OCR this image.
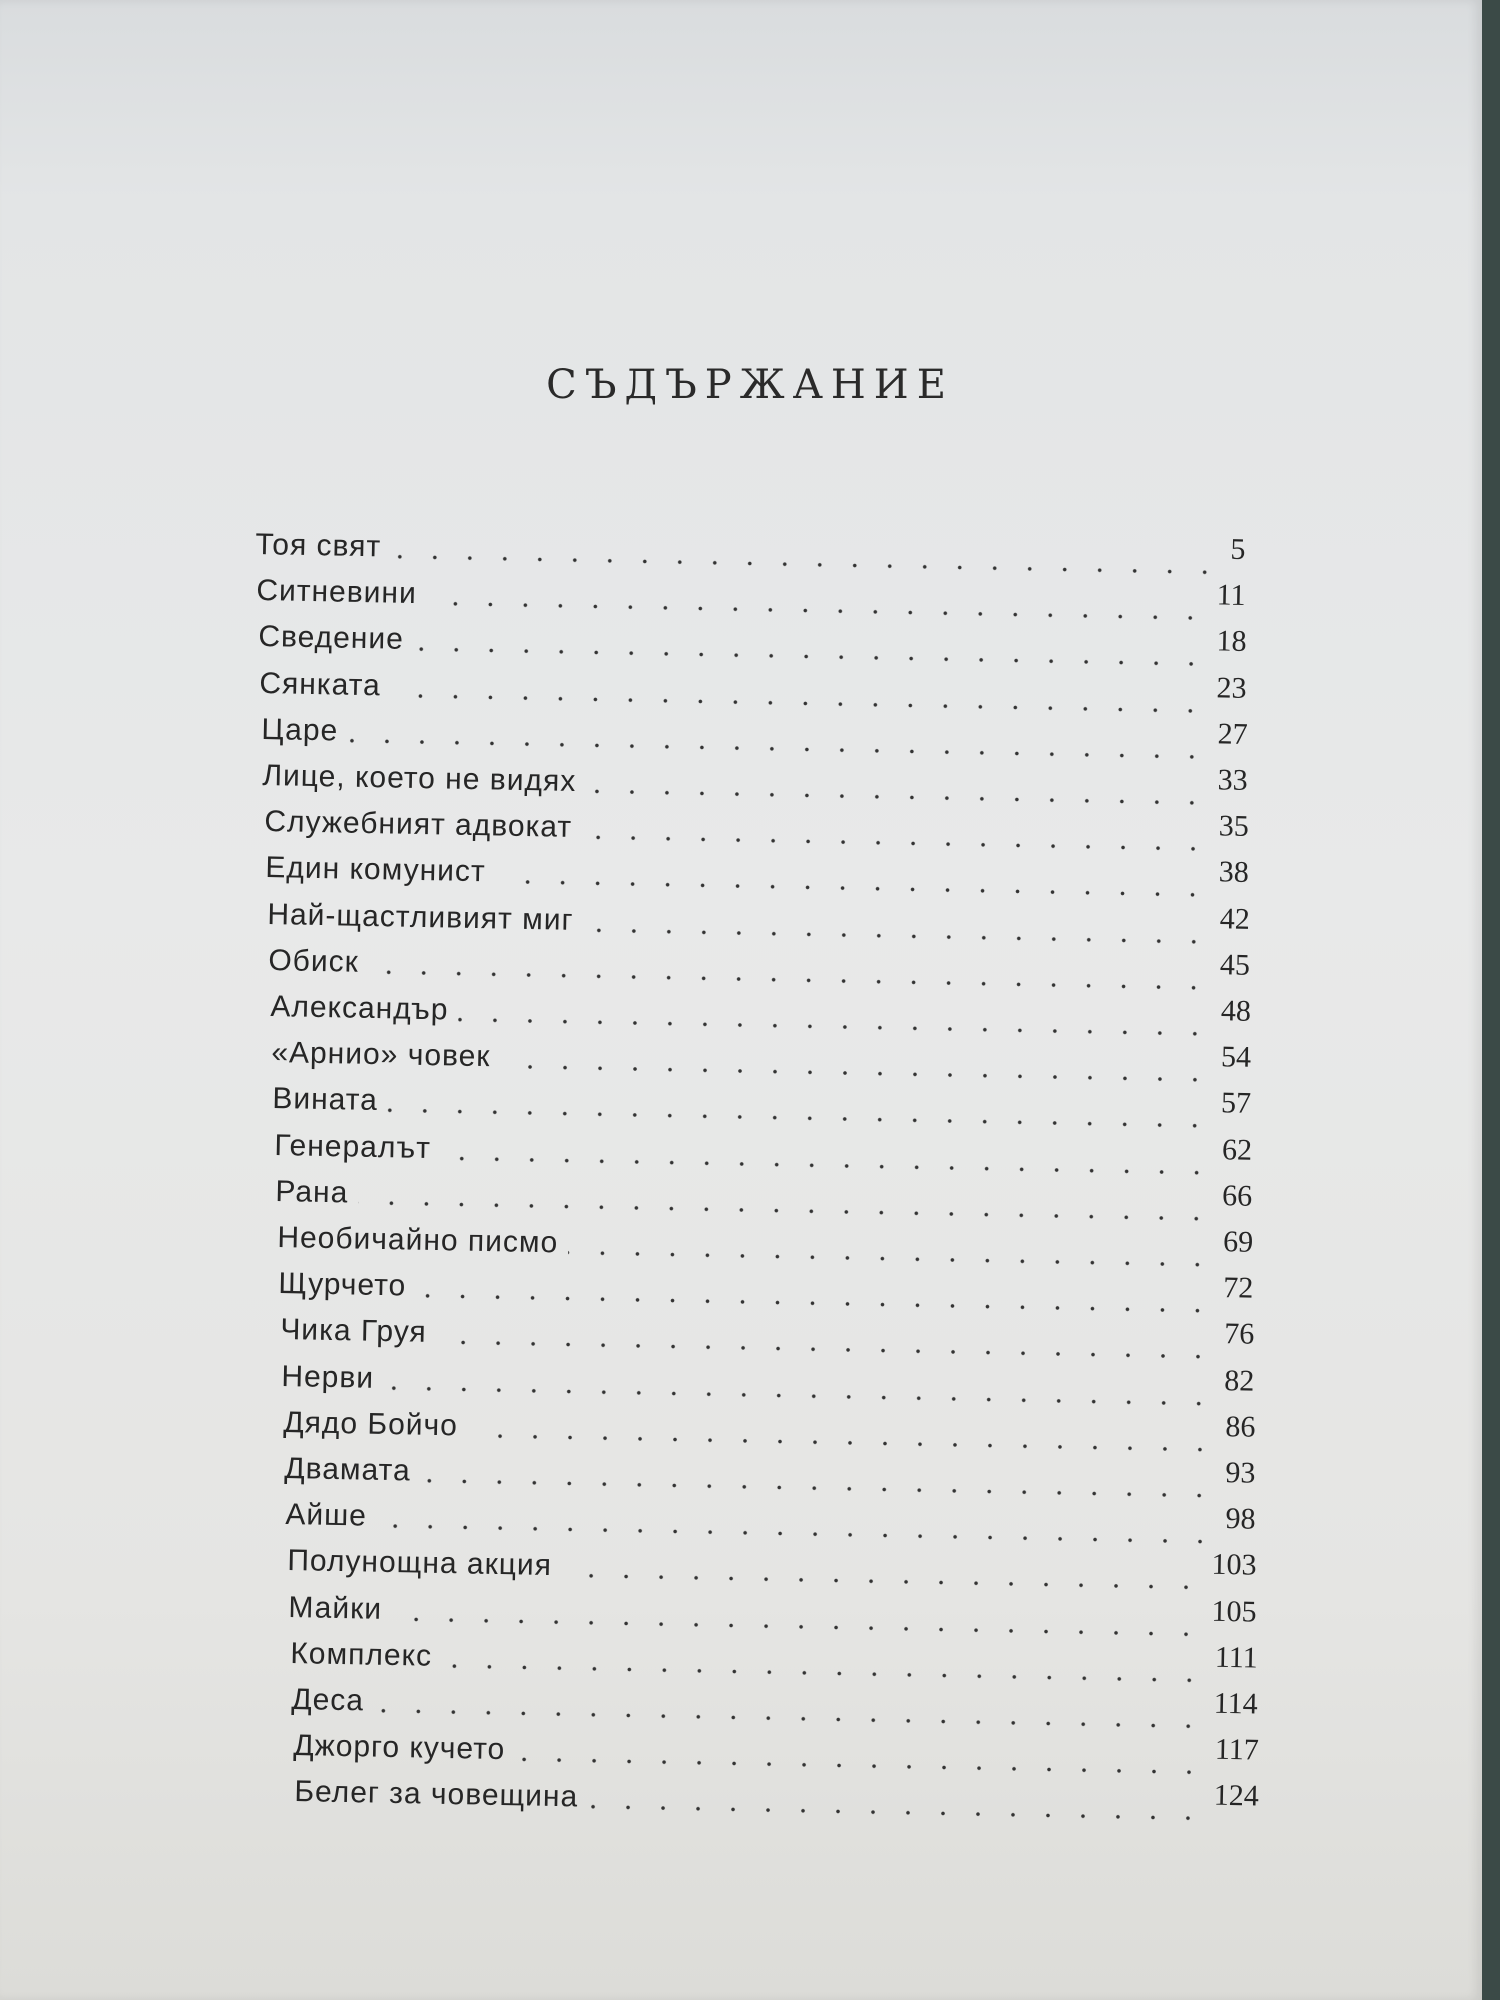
СЪДЪРЖАНИЕ
Тоя свят	5
Ситневини	11
Сведение	18
Сянката	23
Царе	27
Лице, което не видях	33
Служебният адвокат	35
Един комунист	38
Най-щастливият миг	42
Обиск	45
Александър	48
«Арнио» човек	54
Вината	57
Генералът	62
Рана	66
Необичайно писмо	69
Щурчето	72
Чика Груя	76
Нерви	82
Дядо Бойчо	86
Двамата	93
Айше	98
Полунощна акция	103
Майки	105
Комплекс	111
Деса	114
Джорго кучето	117
Белег за човещина	124
